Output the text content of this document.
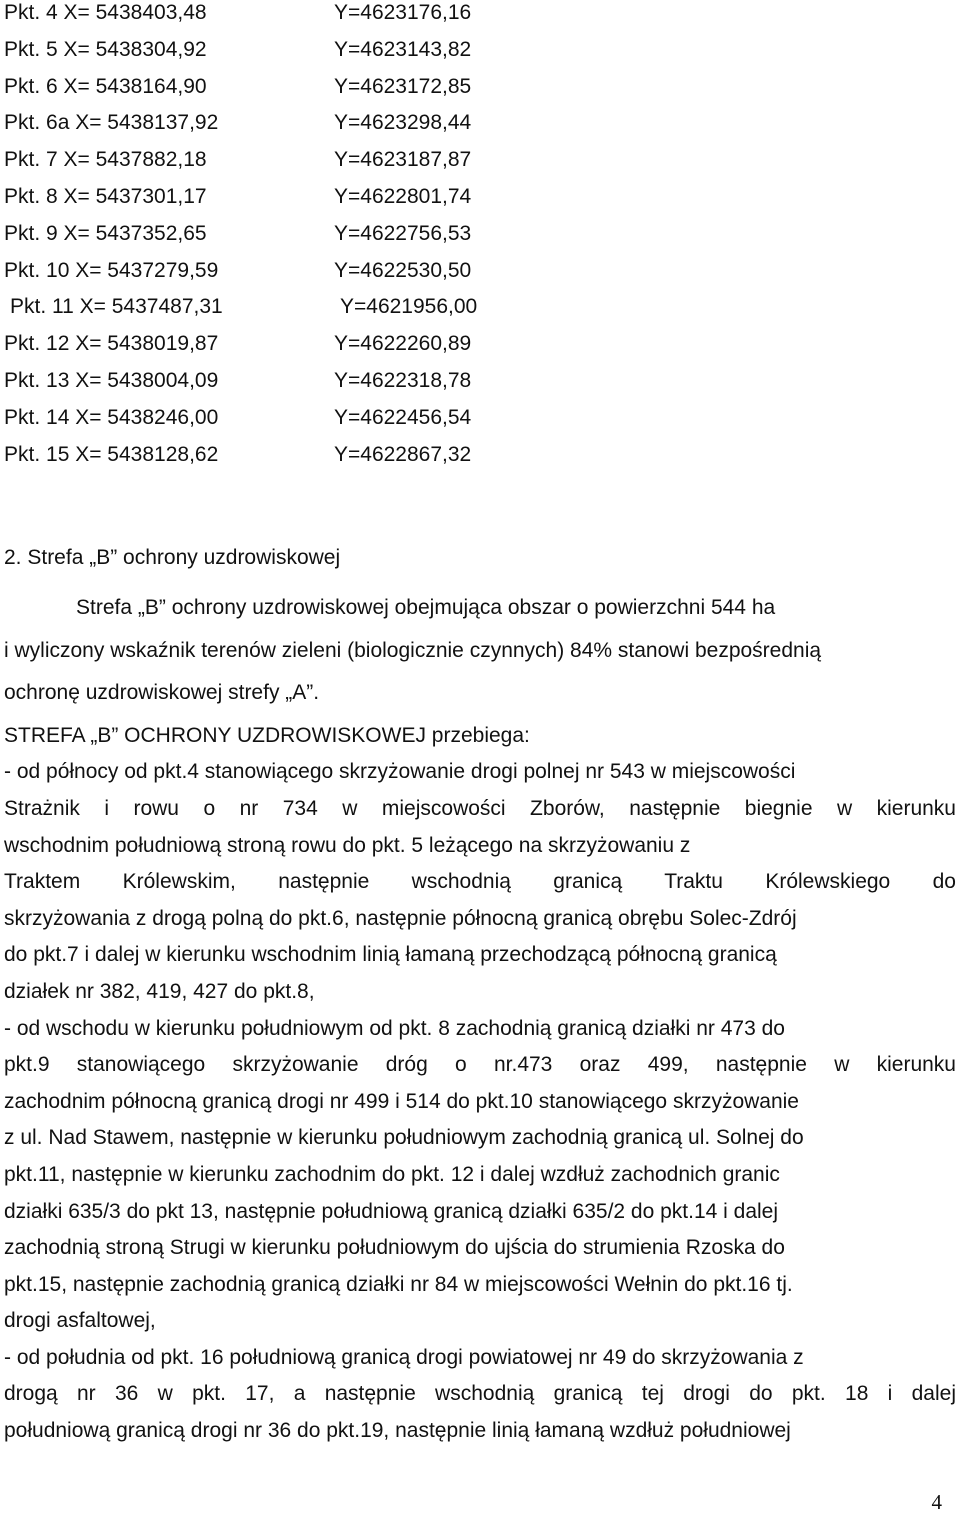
Pkt. 4 X= 5438403,48	Y=4623176,16
Pkt. 5 X= 5438304,92	Y=4623143,82
Pkt. 6 X= 5438164,90	Y=4623172,85
Pkt. 6a X= 5438137,92	Y=4623298,44
Pkt. 7 X= 5437882,18	Y=4623187,87
Pkt. 8 X= 5437301,17	Y=4622801,74
Pkt. 9 X= 5437352,65	Y=4622756,53
Pkt. 10 X= 5437279,59	Y=4622530,50
Pkt. 11 X= 5437487,31	Y=4621956,00
Pkt. 12 X= 5438019,87	Y=4622260,89
Pkt. 13 X= 5438004,09	Y=4622318,78
Pkt. 14 X= 5438246,00	Y=4622456,54
Pkt. 15 X= 5438128,62	Y=4622867,32
2. Strefa „B” ochrony uzdrowiskowej
Strefa „B” ochrony uzdrowiskowej obejmująca obszar o powierzchni 544 ha
i wyliczony wskaźnik terenów zieleni (biologicznie czynnych) 84% stanowi bezpośrednią
ochronę uzdrowiskowej strefy „A”.
STREFA „B” OCHRONY UZDROWISKOWEJ przebiega:
- od północy od pkt.4 stanowiącego skrzyżowanie drogi polnej nr 543 w miejscowości
Strażnik i rowu o nr 734 w miejscowości Zborów, następnie biegnie w kierunku
wschodnim południową stroną rowu do pkt. 5 leżącego na skrzyżowaniu z
Traktem Królewskim, następnie wschodnią granicą Traktu Królewskiego do
skrzyżowania z drogą polną do pkt.6, następnie północną granicą obrębu Solec-Zdrój
do pkt.7 i dalej w kierunku wschodnim linią łamaną przechodzącą północną granicą
działek nr 382, 419, 427 do pkt.8,
- od wschodu w kierunku południowym od pkt. 8 zachodnią granicą działki nr 473 do
pkt.9 stanowiącego skrzyżowanie dróg o nr.473 oraz 499, następnie w kierunku
zachodnim północną granicą drogi nr 499 i 514 do pkt.10 stanowiącego skrzyżowanie
z ul. Nad Stawem, następnie w kierunku południowym zachodnią granicą ul. Solnej do
pkt.11, następnie w kierunku zachodnim do pkt. 12 i dalej wzdłuż zachodnich granic
działki 635/3 do pkt 13, następnie południową granicą działki 635/2 do pkt.14 i dalej
zachodnią stroną Strugi w kierunku południowym do ujścia do strumienia Rzoska do
pkt.15, następnie zachodnią granicą działki nr 84 w miejscowości Wełnin do pkt.16 tj.
drogi asfaltowej,
- od południa od pkt. 16 południową granicą drogi powiatowej nr 49 do skrzyżowania z
drogą nr 36 w pkt. 17, a następnie wschodnią granicą tej drogi do pkt. 18 i dalej
południową granicą drogi nr 36 do pkt.19, następnie linią łamaną wzdłuż południowej
4
